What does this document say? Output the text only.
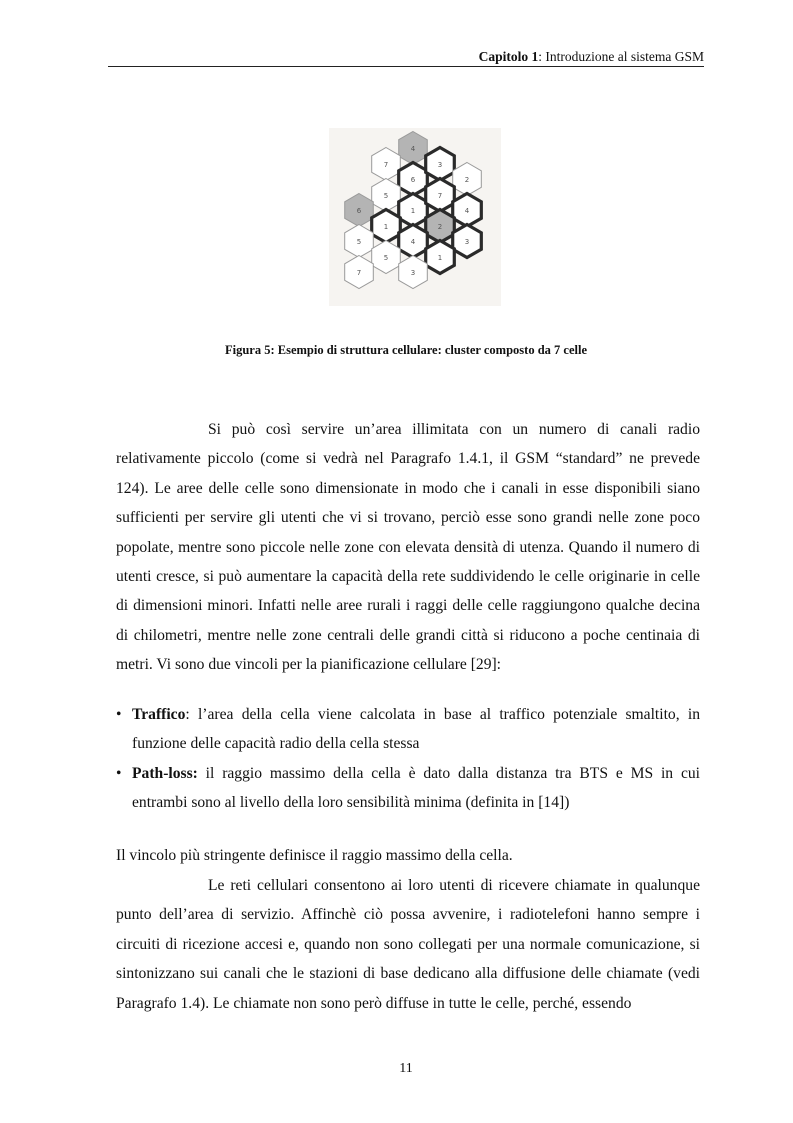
Capitolo 1: Introduzione al sistema GSM
4
7
6
3
2
5
1
7
4
6
1	2
3
4
5
5	1
7	3
Figura 5: Esempio di struttura cellulare: cluster composto da 7 celle

Si può così servire un’area illimitata con un numero di canali radio relativamente piccolo (come si vedrà nel Paragrafo 1.4.1, il GSM “standard” ne prevede 124). Le aree delle celle sono dimensionate in modo che i canali in esse disponibili siano sufficienti per servire gli utenti che vi si trovano, perciò esse sono grandi nelle zone poco popolate, mentre sono piccole nelle zone con elevata densità di utenza. Quando il numero di utenti cresce, si può aumentare la capacità della rete suddividendo le celle originarie in celle di dimensioni minori. Infatti nelle aree rurali i raggi delle celle raggiungono qualche decina di chilometri, mentre nelle zone centrali delle grandi città si riducono a poche centinaia di metri. Vi sono due vincoli per la pianificazione cellulare [29]:

• Traffico: l’area della cella viene calcolata in base al traffico potenziale smaltito, in funzione delle capacità radio della cella stessa
• Path-loss: il raggio massimo della cella è dato dalla distanza tra BTS e MS in cui entrambi sono al livello della loro sensibilità minima (definita in [14])

Il vincolo più stringente definisce il raggio massimo della cella.

Le reti cellulari consentono ai loro utenti di ricevere chiamate in qualunque punto dell’area di servizio. Affinchè ciò possa avvenire, i radiotelefoni hanno sempre i circuiti di ricezione accesi e, quando non sono collegati per una normale comunicazione, si sintonizzano sui canali che le stazioni di base dedicano alla diffusione delle chiamate (vedi Paragrafo 1.4). Le chiamate non sono però diffuse in tutte le celle, perché, essendo

11
